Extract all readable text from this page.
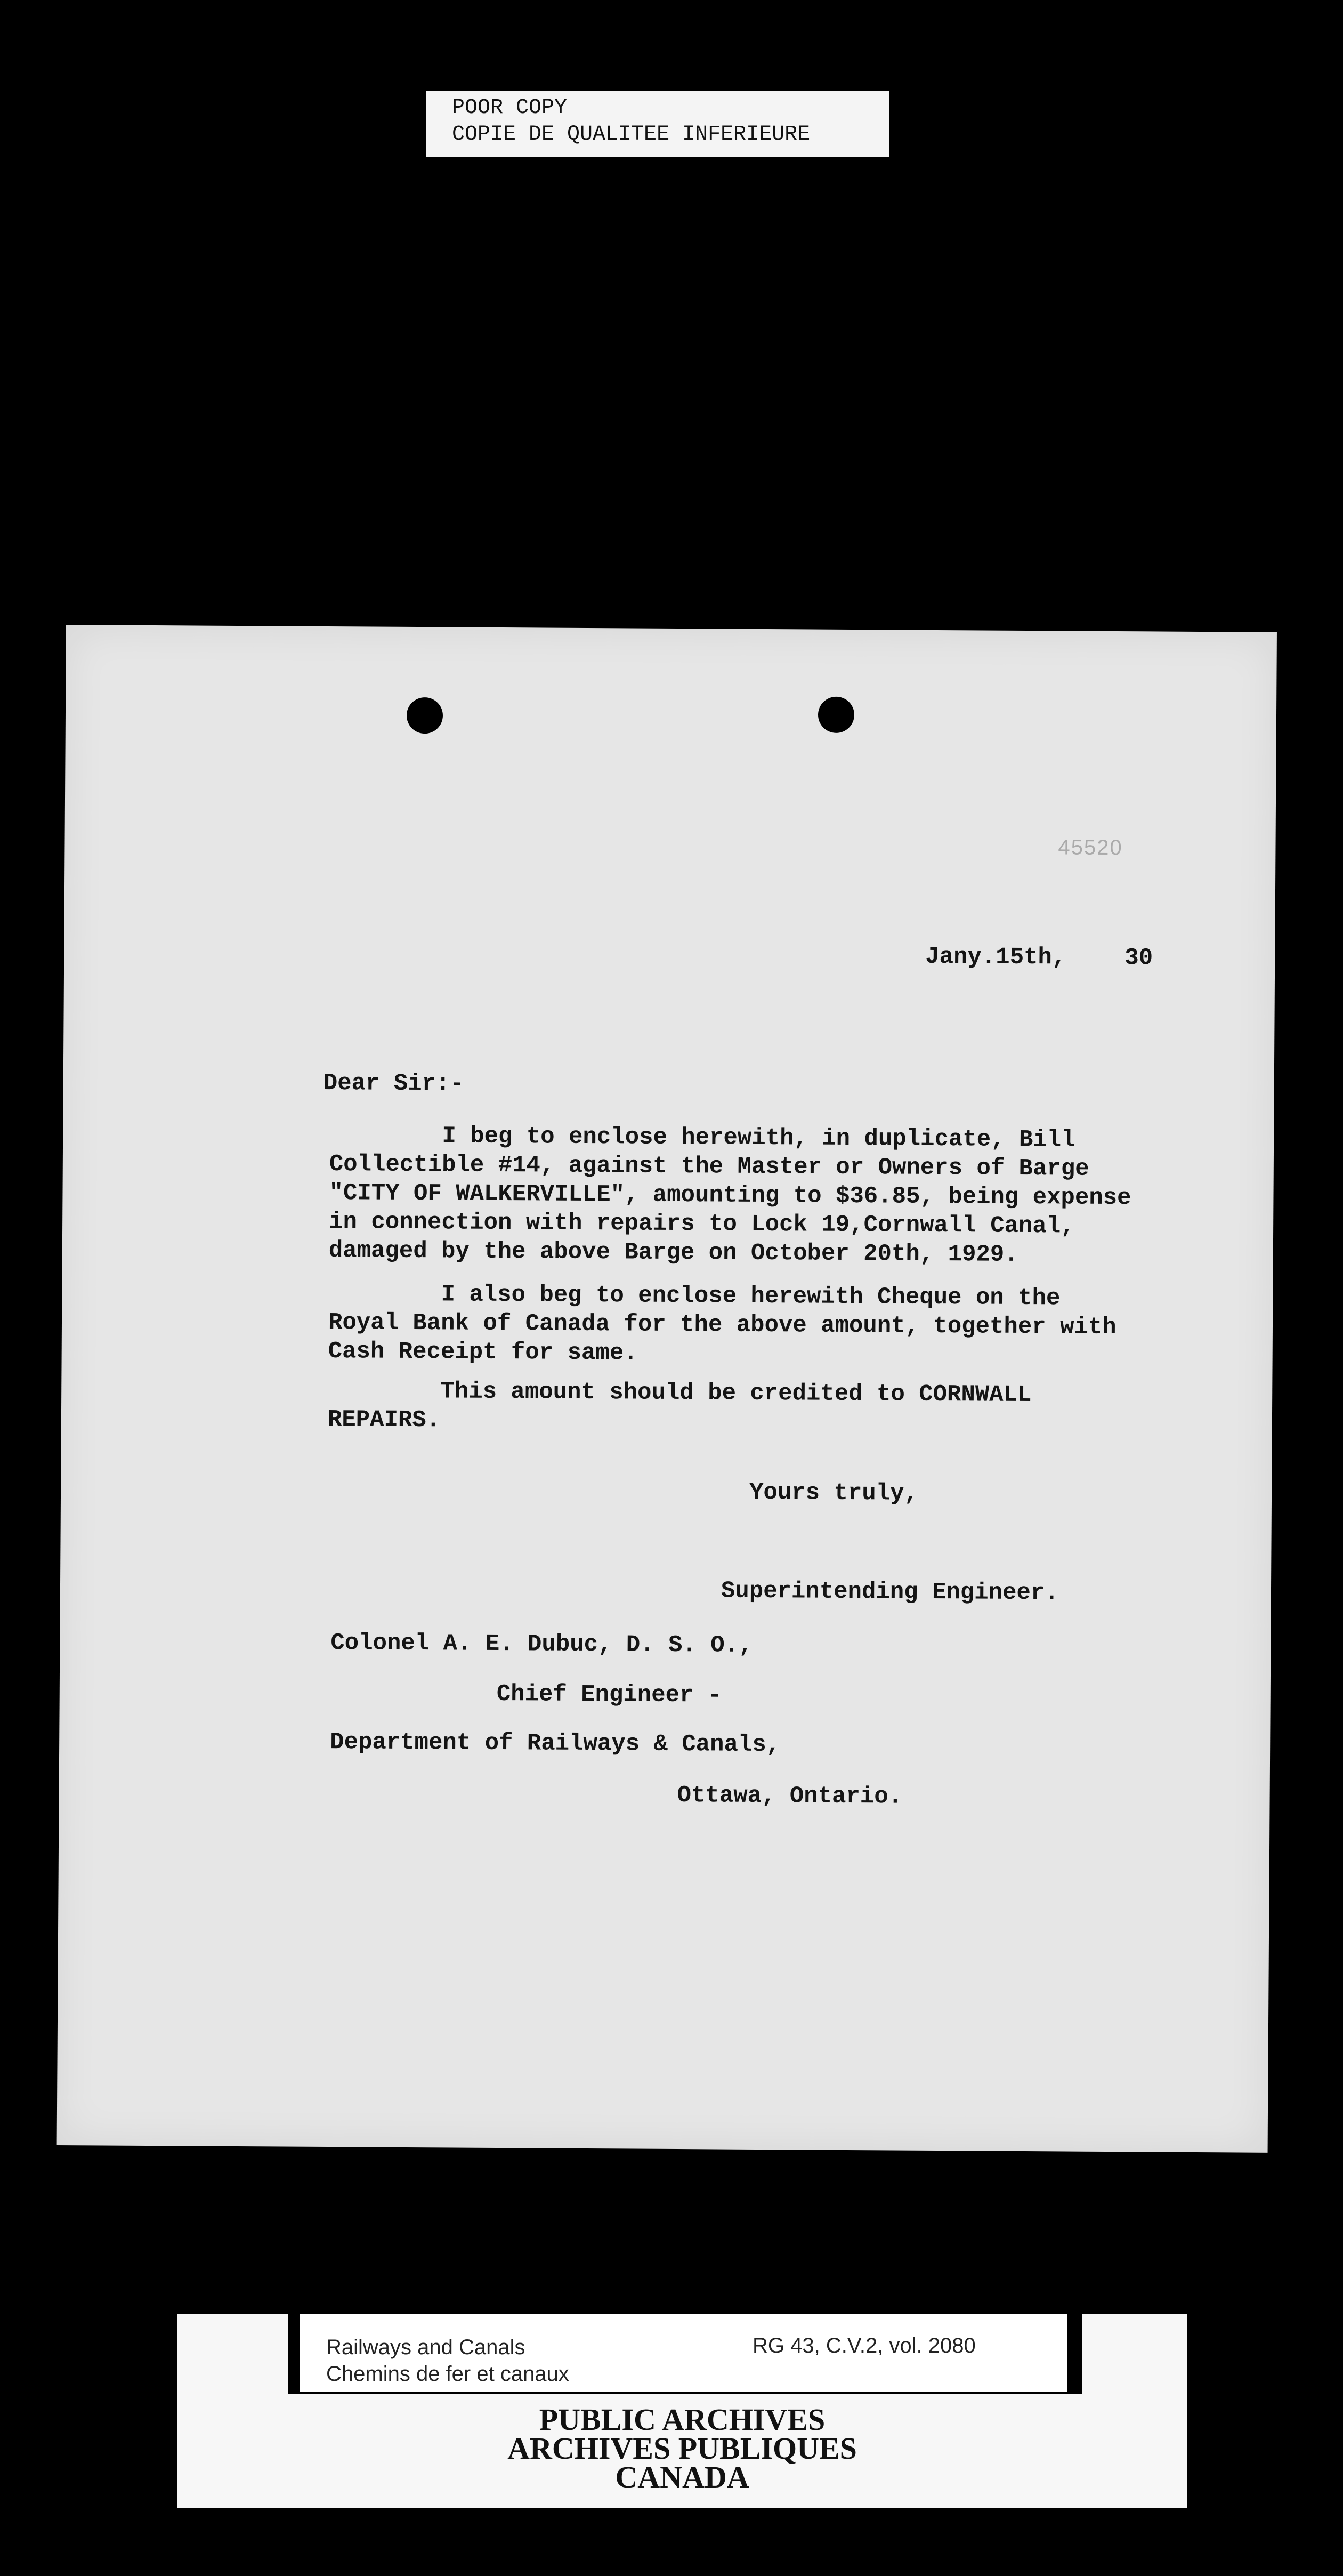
POOR COPY
COPIE DE QUALITEE INFERIEURE
45520
Jany.15th, 30
Dear Sir:-
I beg to enclose herewith, in duplicate, Bill
Collectible #14, against the Master or Owners of Barge
"CITY OF WALKERVILLE", amounting to $36.85, being expense
in connection with repairs to Lock 19,Cornwall Canal,
damaged by the above Barge on October 20th, 1929.
I also beg to enclose herewith Cheque on the
Royal Bank of Canada for the above amount, together with
Cash Receipt for same.
This amount should be credited to CORNWALL
REPAIRS.
Yours truly,
Superintending Engineer.
Colonel A. E. Dubuc, D. S. O.,
Chief Engineer -
Department of Railways & Canals,
Ottawa, Ontario.
Railways and Canals
Chemins de fer et canaux
RG 43, C.V.2, vol. 2080
PUBLIC ARCHIVES
ARCHIVES PUBLIQUES
CANADA
